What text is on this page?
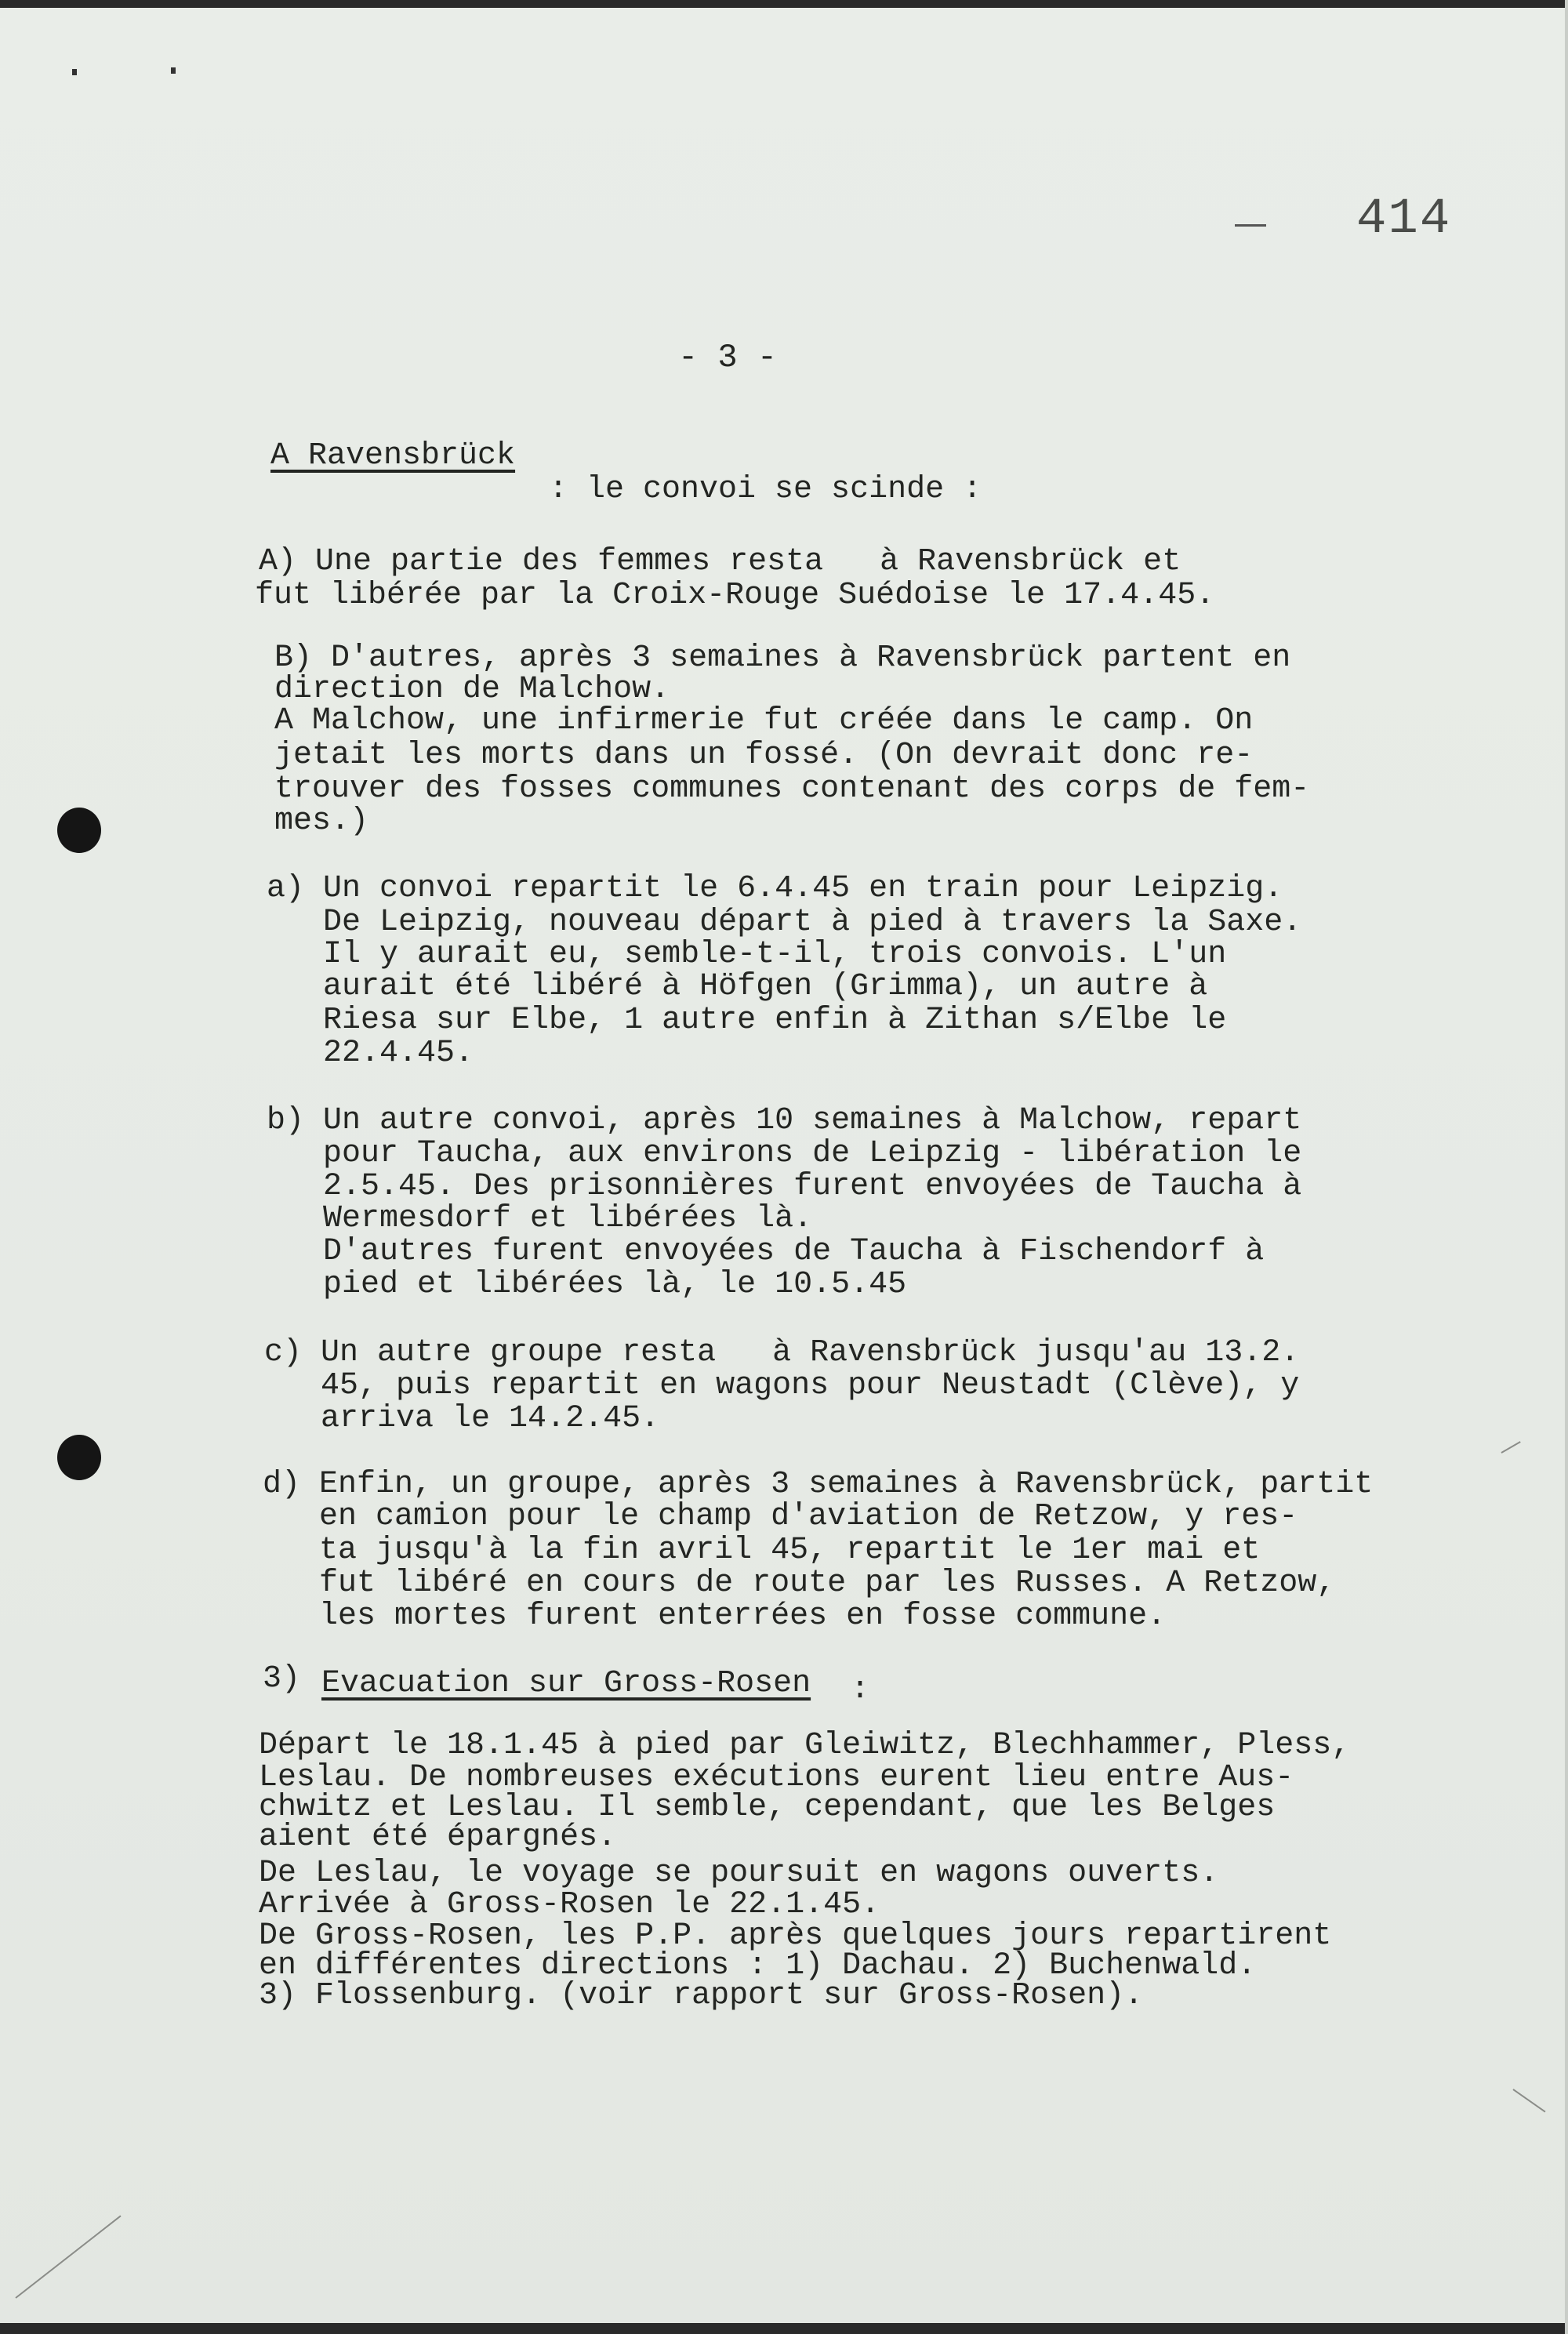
414
- 3 -
A Ravensbrück
: le convoi se scinde :
A) Une partie des femmes resta   à Ravensbrück et
fut libérée par la Croix-Rouge Suédoise le 17.4.45.
B) D'autres, après 3 semaines à Ravensbrück partent en
direction de Malchow.
A Malchow, une infirmerie fut créée dans le camp. On
jetait les morts dans un fossé. (On devrait donc re-
trouver des fosses communes contenant des corps de fem-
mes.)
a) Un convoi repartit le 6.4.45 en train pour Leipzig.
De Leipzig, nouveau départ à pied à travers la Saxe.
Il y aurait eu, semble-t-il, trois convois. L'un
aurait été libéré à Höfgen (Grimma), un autre à
Riesa sur Elbe, 1 autre enfin à Zithan s/Elbe le
22.4.45.
b) Un autre convoi, après 10 semaines à Malchow, repart
pour Taucha, aux environs de Leipzig - libération le
2.5.45. Des prisonnières furent envoyées de Taucha à
Wermesdorf et libérées là.
D'autres furent envoyées de Taucha à Fischendorf à
pied et libérées là, le 10.5.45
c) Un autre groupe resta   à Ravensbrück jusqu'au 13.2.
45, puis repartit en wagons pour Neustadt (Clève), y
arriva le 14.2.45.
d) Enfin, un groupe, après 3 semaines à Ravensbrück, partit
en camion pour le champ d'aviation de Retzow, y res-
ta jusqu'à la fin avril 45, repartit le 1er mai et
fut libéré en cours de route par les Russes. A Retzow,
les mortes furent enterrées en fosse commune.
3) Evacuation sur Gross-Rosen :
Départ le 18.1.45 à pied par Gleiwitz, Blechhammer, Pless,
Leslau. De nombreuses exécutions eurent lieu entre Aus-
chwitz et Leslau. Il semble, cependant, que les Belges
aient été épargnés.
De Leslau, le voyage se poursuit en wagons ouverts.
Arrivée à Gross-Rosen le 22.1.45.
De Gross-Rosen, les P.P. après quelques jours repartirent
en différentes directions : 1) Dachau. 2) Buchenwald.
3) Flossenburg. (voir rapport sur Gross-Rosen).
